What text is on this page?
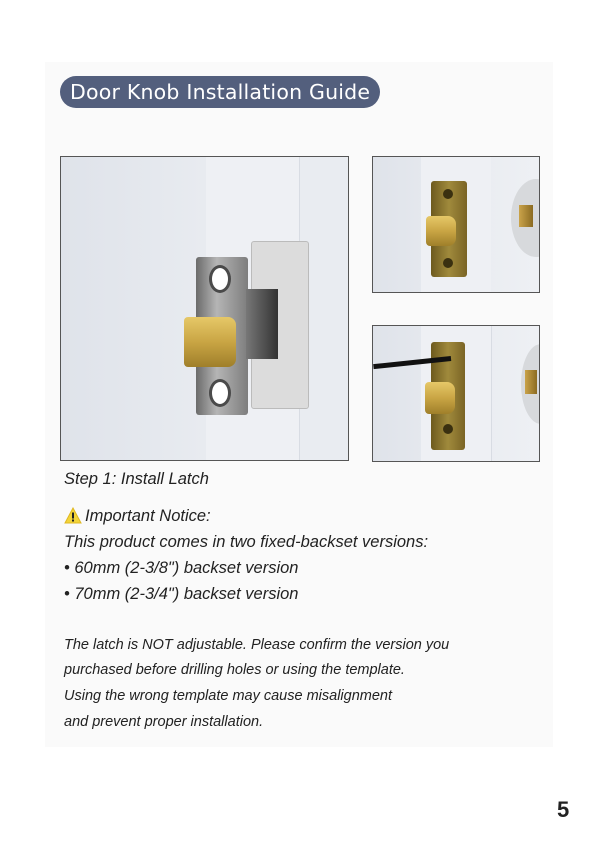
Door Knob Installation Guide
Step 1: Install Latch
Important Notice:
This product comes in two fixed-backset versions:
• 60mm (2-3/8") backset version
• 70mm (2-3/4") backset version
The latch is NOT adjustable. Please confirm the version you
purchased before drilling holes or using the template.
Using the wrong template may cause misalignment
and prevent proper installation.
5
